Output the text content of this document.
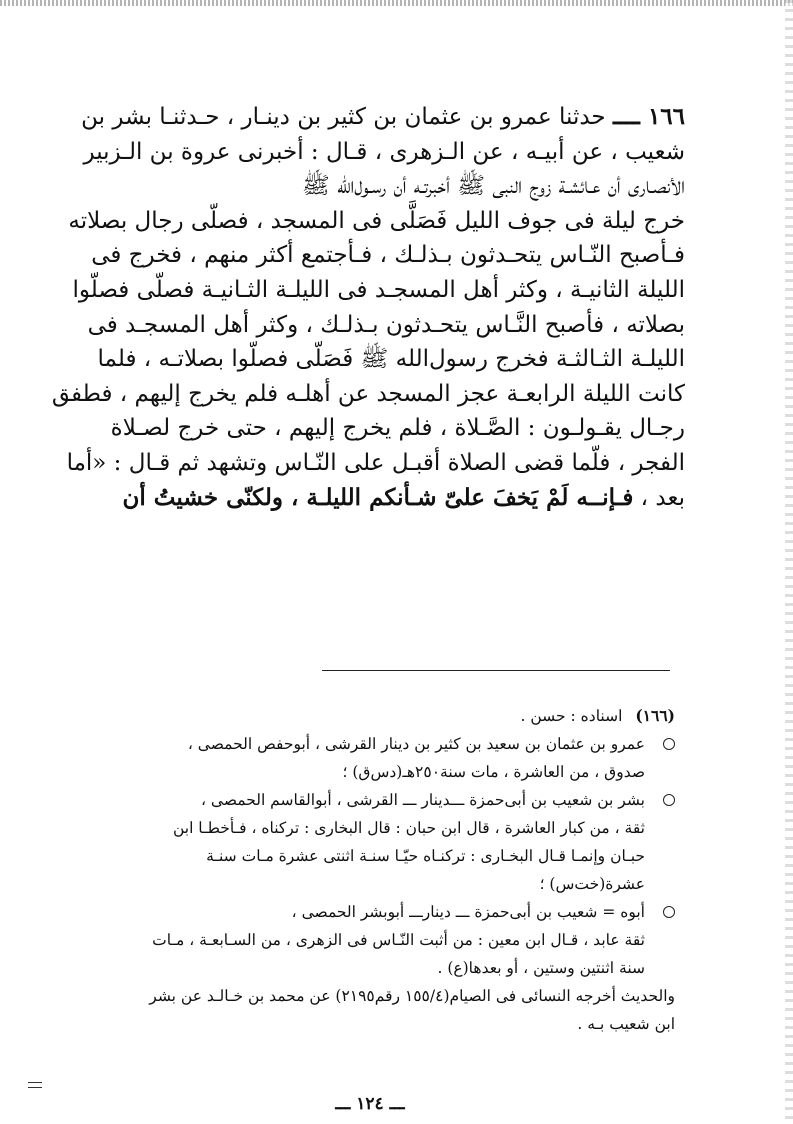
١٦٦ ــــ حدثنا عمرو بن عثمان بن كثير بن دينـار ، حـدثنـا بشر بن
شعيب ، عن أبيـه ، عن الـزهرى ، قـال : أخبرنى عروة بن الـزبير
الأنصـارى أن عـائشـة زوج النبى ﷺ أخبرتـه أن رسـول‌الله ﷺ
خرج ليلة فى جوف الليل فَصَلَّى فى المسجد ، فصلّى رجال بصلاته
فـأصبح النّـاس يتحـدثون بـذلـك ، فـأجتمع أكثر منهم ، فخرج فى
الليلة الثانيـة ، وكثر أهل المسجـد فى الليلـة الثـانيـة فصلّى فصلّوا
بصلاته ، فأصبح النَّـاس يتحـدثون بـذلـك ، وكثر أهل المسجـد فى
الليلـة الثـالثـة فخرج رسول‌الله ﷺ فَصَلّى فصلّوا بصلاتـه ، فلما
كانت الليلة الرابعـة عجز المسجد عن أهلـه فلم يخرج إليهم ، فطفق
رجـال يقـولـون : الصَّـلاة ، فلم يخرج إليهم ، حتى خرج لصـلاة
الفجر ، فلّما قضى الصلاة أقبـل على النّـاس وتشهد ثم قـال : «أما
بعد ، فـإنــه لَمْ يَخفَ علىّ شـأنكم الليلـة ، ولكنّى خشيتُ أن
(١٦٦) اسناده : حسن .
عمرو بن عثمان بن سعيد بن كثير بن دينار القرشى ، أبوحفص الحمصى ،
صدوق ، من العاشرة ، مات سنة٢٥٠هـ(دس‌ق) ؛
بشر بن شعيب بن أبى‌حمزة ـــدينار ـــ القرشى ، أبوالقاسم الحمصى ،
ثقة ، من كبار العاشرة ، قال ابن حبان : قال البخارى : تركناه ، فـأخطـا ابن
حبـان وإنمـا قـال البخـارى : تركنـاه حيّـا سنـة اثنتى عشرة مـات سنـة
عشرة(خت‌س) ؛
أبوه = شعيب بن أبى‌حمزة ـــ دينارـــ أبوبشر الحمصى ،
ثقة عابد ، قـال ابن معين : من أثبت النّـاس فى الزهرى ، من السـابعـة ، مـات
سنة اثنتين وستين ، أو بعدها(ع) .
والحديث أخرجه النسائى فى الصيام(١٥٥/٤ رقم٢١٩٥) عن محمد بن خـالـد عن بشر
ابن شعيب بـه .
ـــ ١٢٤ ـــ
